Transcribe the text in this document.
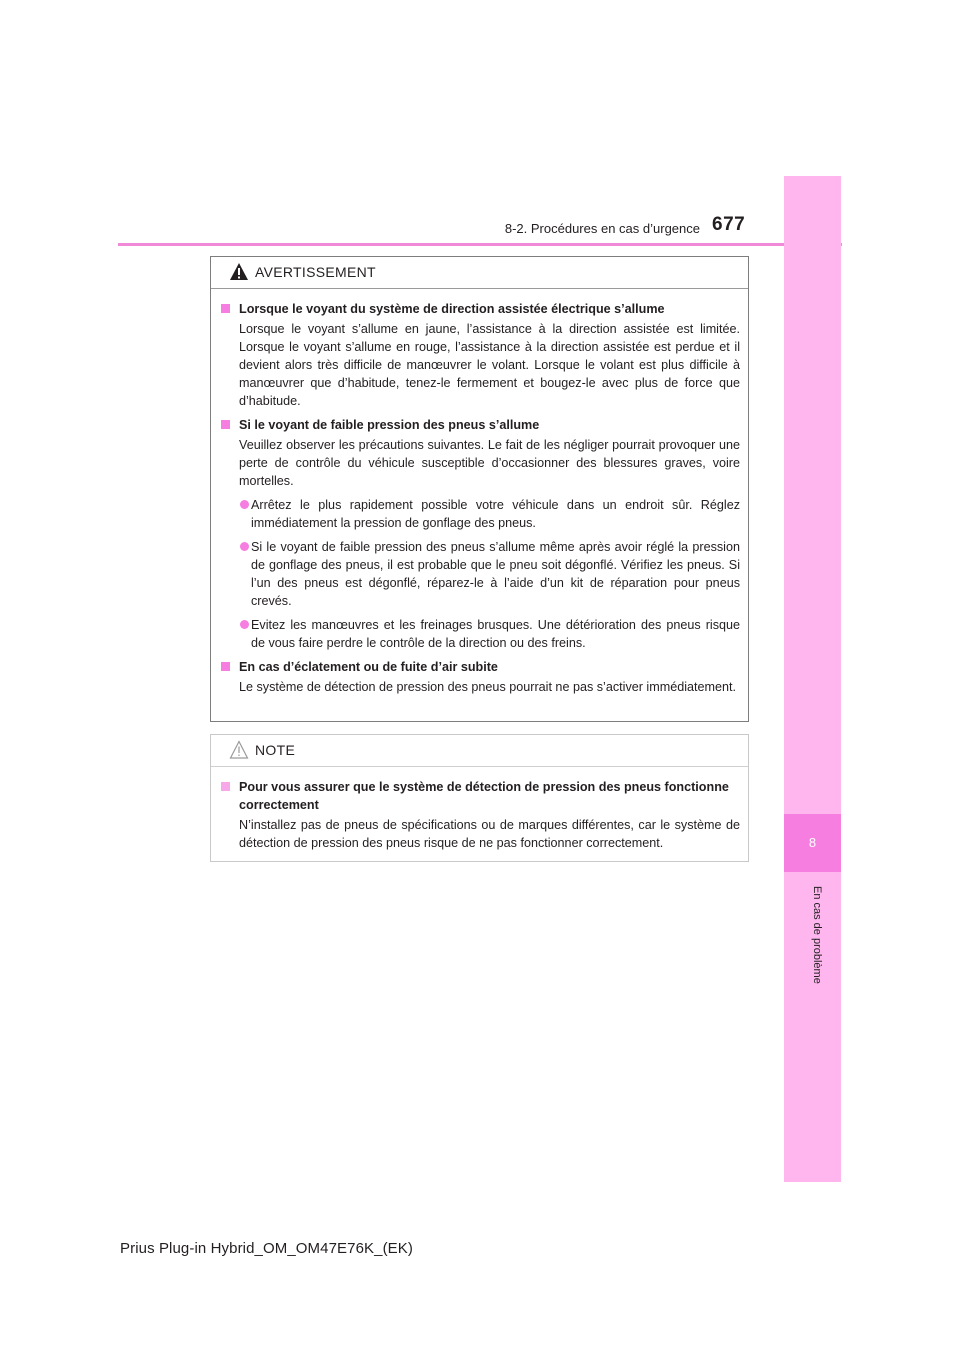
8-2. Procédures en cas d’urgence 677
8
En cas de problème
AVERTISSEMENT
Lorsque le voyant du système de direction assistée électrique s’allume
Lorsque le voyant s’allume en jaune, l’assistance à la direction assistée est limitée. Lorsque le voyant s’allume en rouge, l’assistance à la direction assistée est perdue et il devient alors très difficile de manœuvrer le volant. Lorsque le volant est plus difficile à manœuvrer que d’habitude, tenez-le fermement et bougez-le avec plus de force que d’habitude.
Si le voyant de faible pression des pneus s’allume
Veuillez observer les précautions suivantes. Le fait de les négliger pourrait provoquer une perte de contrôle du véhicule susceptible d’occasionner des blessures graves, voire mortelles.
Arrêtez le plus rapidement possible votre véhicule dans un endroit sûr. Réglez immédiatement la pression de gonflage des pneus.
Si le voyant de faible pression des pneus s’allume même après avoir réglé la pression de gonflage des pneus, il est probable que le pneu soit dégonflé. Vérifiez les pneus. Si l’un des pneus est dégonflé, réparez-le à l’aide d’un kit de réparation pour pneus crevés.
Evitez les manœuvres et les freinages brusques. Une détérioration des pneus risque de vous faire perdre le contrôle de la direction ou des freins.
En cas d’éclatement ou de fuite d’air subite
Le système de détection de pression des pneus pourrait ne pas s’activer immédiatement.
NOTE
Pour vous assurer que le système de détection de pression des pneus fonctionne correctement
N’installez pas de pneus de spécifications ou de marques différentes, car le système de détection de pression des pneus risque de ne pas fonctionner correctement.
Prius Plug-in Hybrid_OM_OM47E76K_(EK)
